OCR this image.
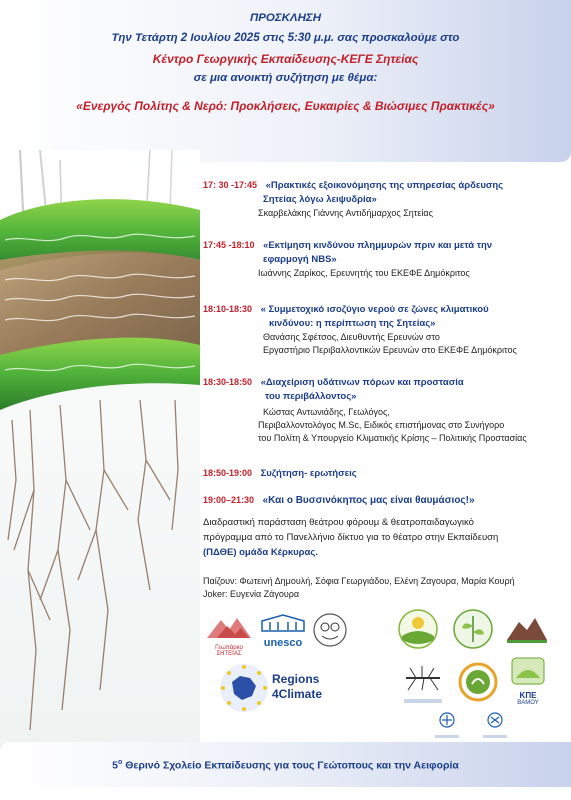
ΠΡΟΣΚΛΗΣΗ
Την Τετάρτη 2 Ιουλίου 2025 στις 5:30 μ.μ. σας προσκαλούμε στο
Κέντρο Γεωργικής Εκπαίδευσης-ΚΕΓΕ Σητείας
σε μια ανοικτή συζήτηση με θέμα:
«Ενεργός Πολίτης & Νερό: Προκλήσεις, Ευκαιρίες & Βιώσιμες Πρακτικές»
17: 30 -17:45 «Πρακτικές εξοικονόμησης της υπηρεσίας άρδευσης
Σητείας λόγω λειψυδρία»
Σκαρβελάκης Γιάννης Αντιδήμαρχος Σητείας
17:45 -18:10 «Εκτίμηση κινδύνου πλημμυρών πριν και μετά την
εφαρμογή NBS»
Ιωάννης Ζαρίκος, Ερευνητής του ΕΚΕΦΕ Δημόκριτος
18:10-18:30 « Συμμετοχικό ισοζύγιο νερού σε ζώνες κλιματικού
κινδύνου: η περίπτωση της Σητείας»
Θανάσης Σφέτσος, Διευθυντής Ερευνών στο
Εργαστήριο Περιβαλλοντικών Ερευνών στο ΕΚΕΦΕ Δημόκριτος
18:30-18:50 «Διαχείριση υδάτινων πόρων και προστασία
του περιβάλλοντος»
Κώστας Αντωνιάδης, Γεωλόγος,
Περιβαλλοντολόγος M.Sc, Ειδικός επιστήμονας στο Συνήγορο
του Πολίτη & Υπουργείο Κλιματικής Κρίσης – Πολιτικής Προστασίας
18:50-19:00 Συζήτηση- ερωτήσεις
19:00–21:30 «Και ο Βυσσινόκηπος μας είναι θαυμάσιος!»
Διαδραστική παράσταση θεάτρου φόρουμ & θεατροπαιδαγωγικό
πρόγραμμα από το Πανελλήνιο δίκτυο για το θέατρο στην Εκπαίδευση
(ΠΔΘΕ) ομάδα Κέρκυρας.
Παίζουν: Φωτεινή Δημουλή, Σόφια Γεωργιάδου, Ελένη Ζαγουρα, Μαρία Κουρή
Joker: Ευγενία Ζάγουρα
Γεωπάρκο ΣΗΤΕΙΑΣ
unesco
Regions
4Climate	ΚΠΕ
ΒΑΜΟΥ
$5^o$ Θερινό Σχολείο Εκπαίδευσης για τους Γεώτοπους και την Αειφορία
